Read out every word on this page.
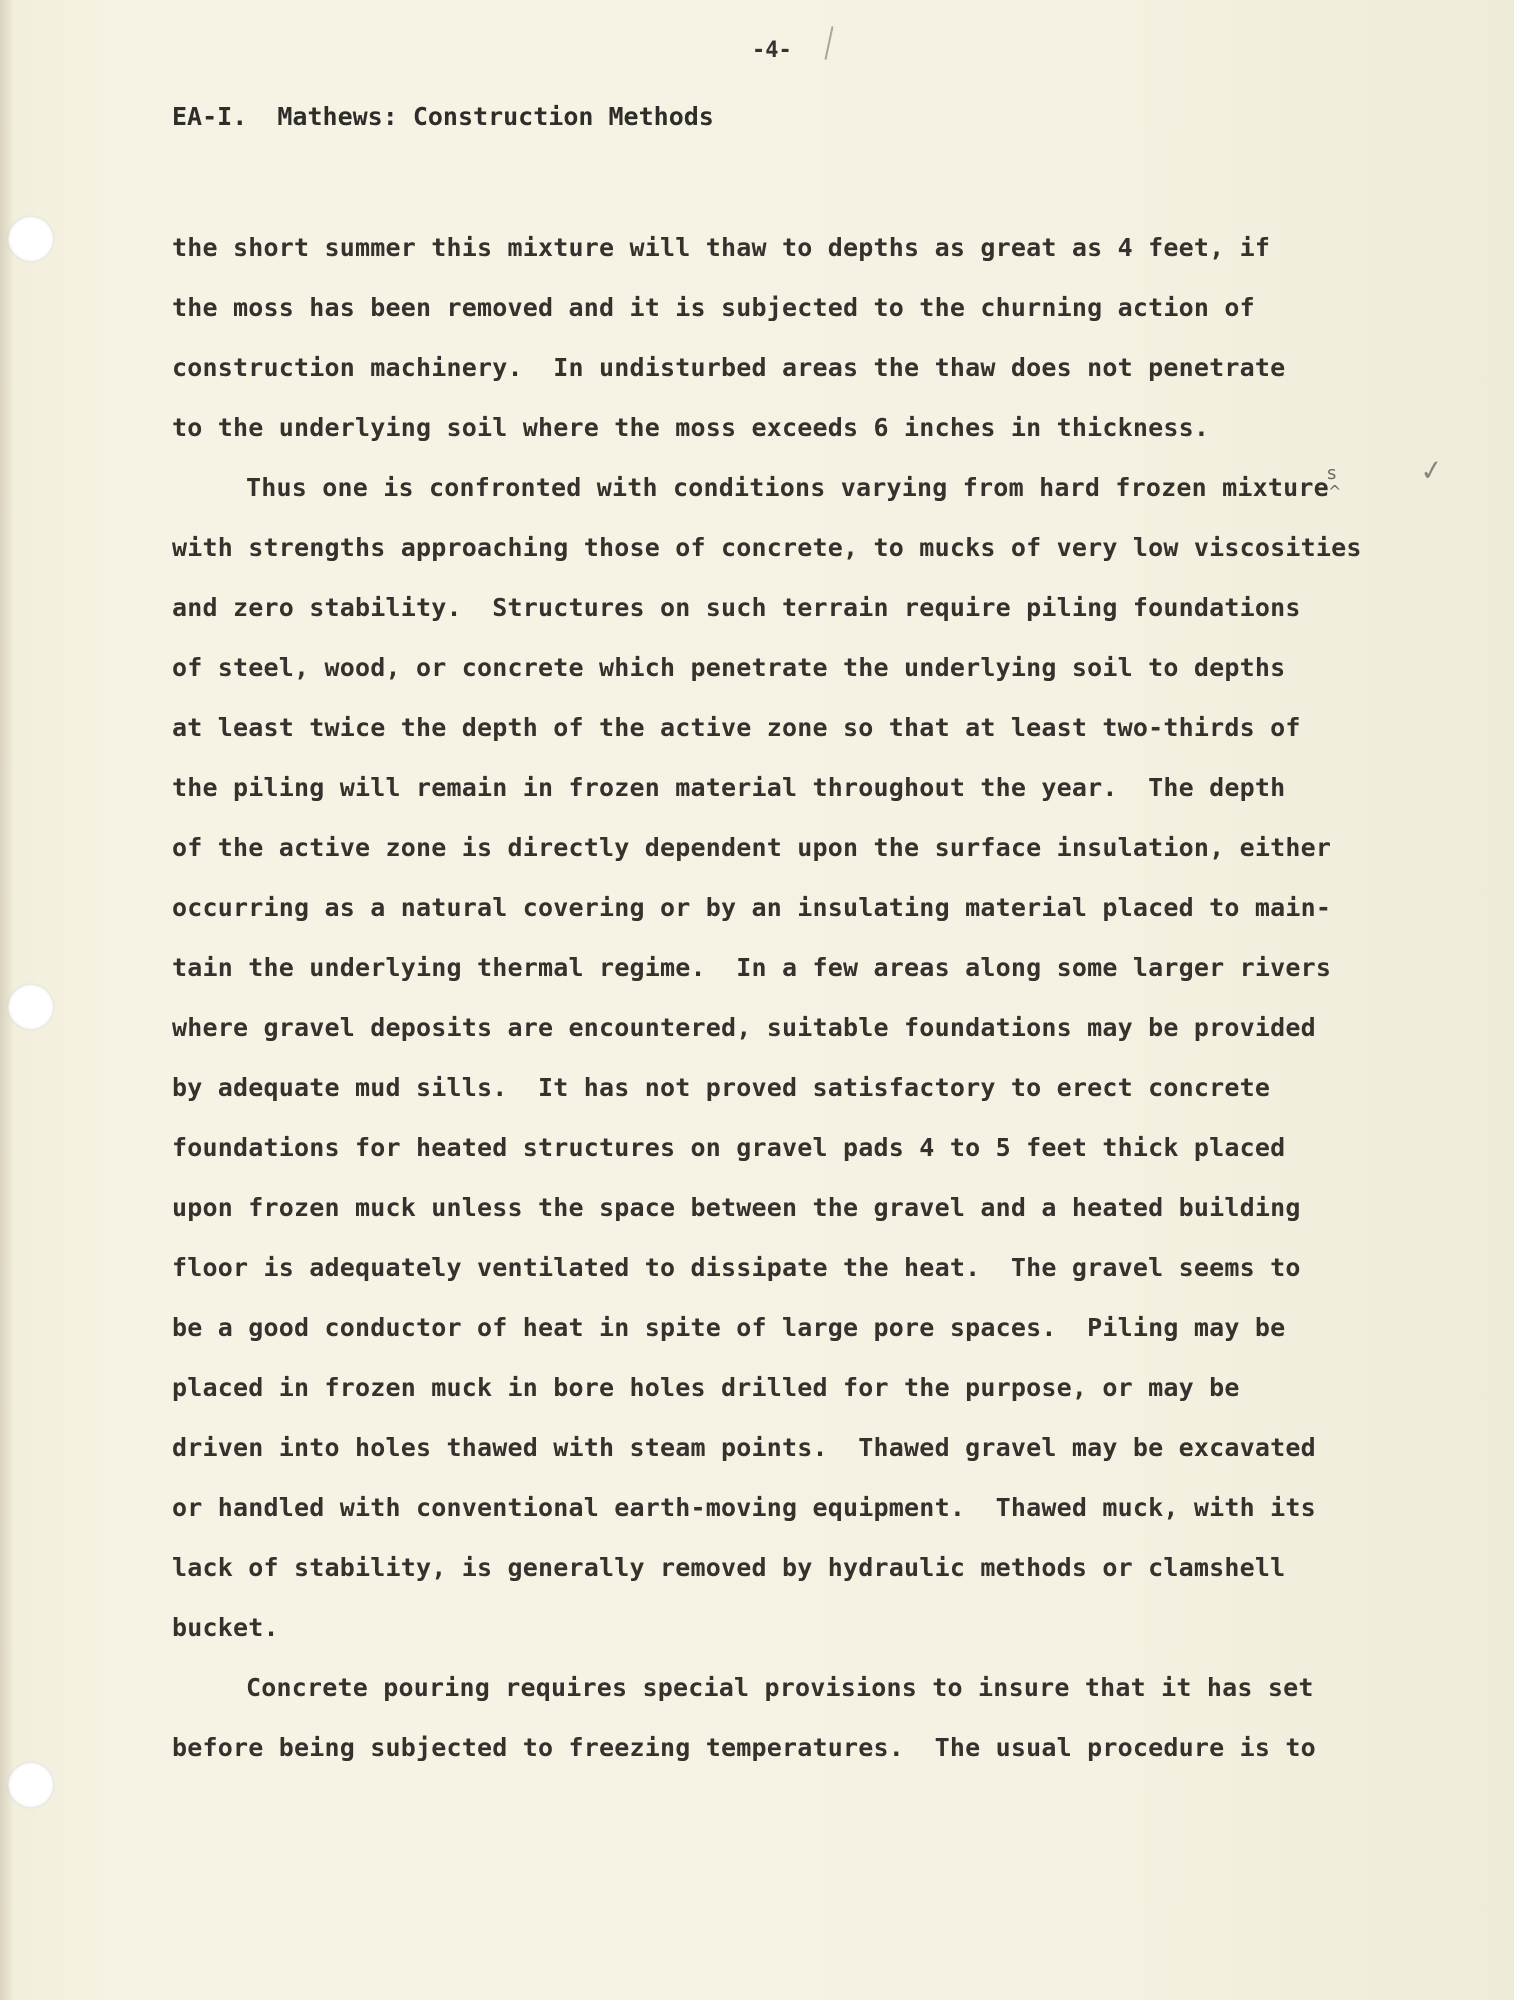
-4-
EA-I.  Mathews: Construction Methods
the short summer this mixture will thaw to depths as great as 4 feet, if
the moss has been removed and it is subjected to the churning action of
construction machinery.  In undisturbed areas the thaw does not penetrate
to the underlying soil where the moss exceeds 6 inches in thickness.
Thus one is confronted with conditions varying from hard frozen mixture
with strengths approaching those of concrete, to mucks of very low viscosities
and zero stability.  Structures on such terrain require piling foundations
of steel, wood, or concrete which penetrate the underlying soil to depths
at least twice the depth of the active zone so that at least two-thirds of
the piling will remain in frozen material throughout the year.  The depth
of the active zone is directly dependent upon the surface insulation, either
occurring as a natural covering or by an insulating material placed to main-
tain the underlying thermal regime.  In a few areas along some larger rivers
where gravel deposits are encountered, suitable foundations may be provided
by adequate mud sills.  It has not proved satisfactory to erect concrete
foundations for heated structures on gravel pads 4 to 5 feet thick placed
upon frozen muck unless the space between the gravel and a heated building
floor is adequately ventilated to dissipate the heat.  The gravel seems to
be a good conductor of heat in spite of large pore spaces.  Piling may be
placed in frozen muck in bore holes drilled for the purpose, or may be
driven into holes thawed with steam points.  Thawed gravel may be excavated
or handled with conventional earth-moving equipment.  Thawed muck, with its
lack of stability, is generally removed by hydraulic methods or clamshell
bucket.
Concrete pouring requires special provisions to insure that it has set
before being subjected to freezing temperatures.  The usual procedure is to
s
^
✓
